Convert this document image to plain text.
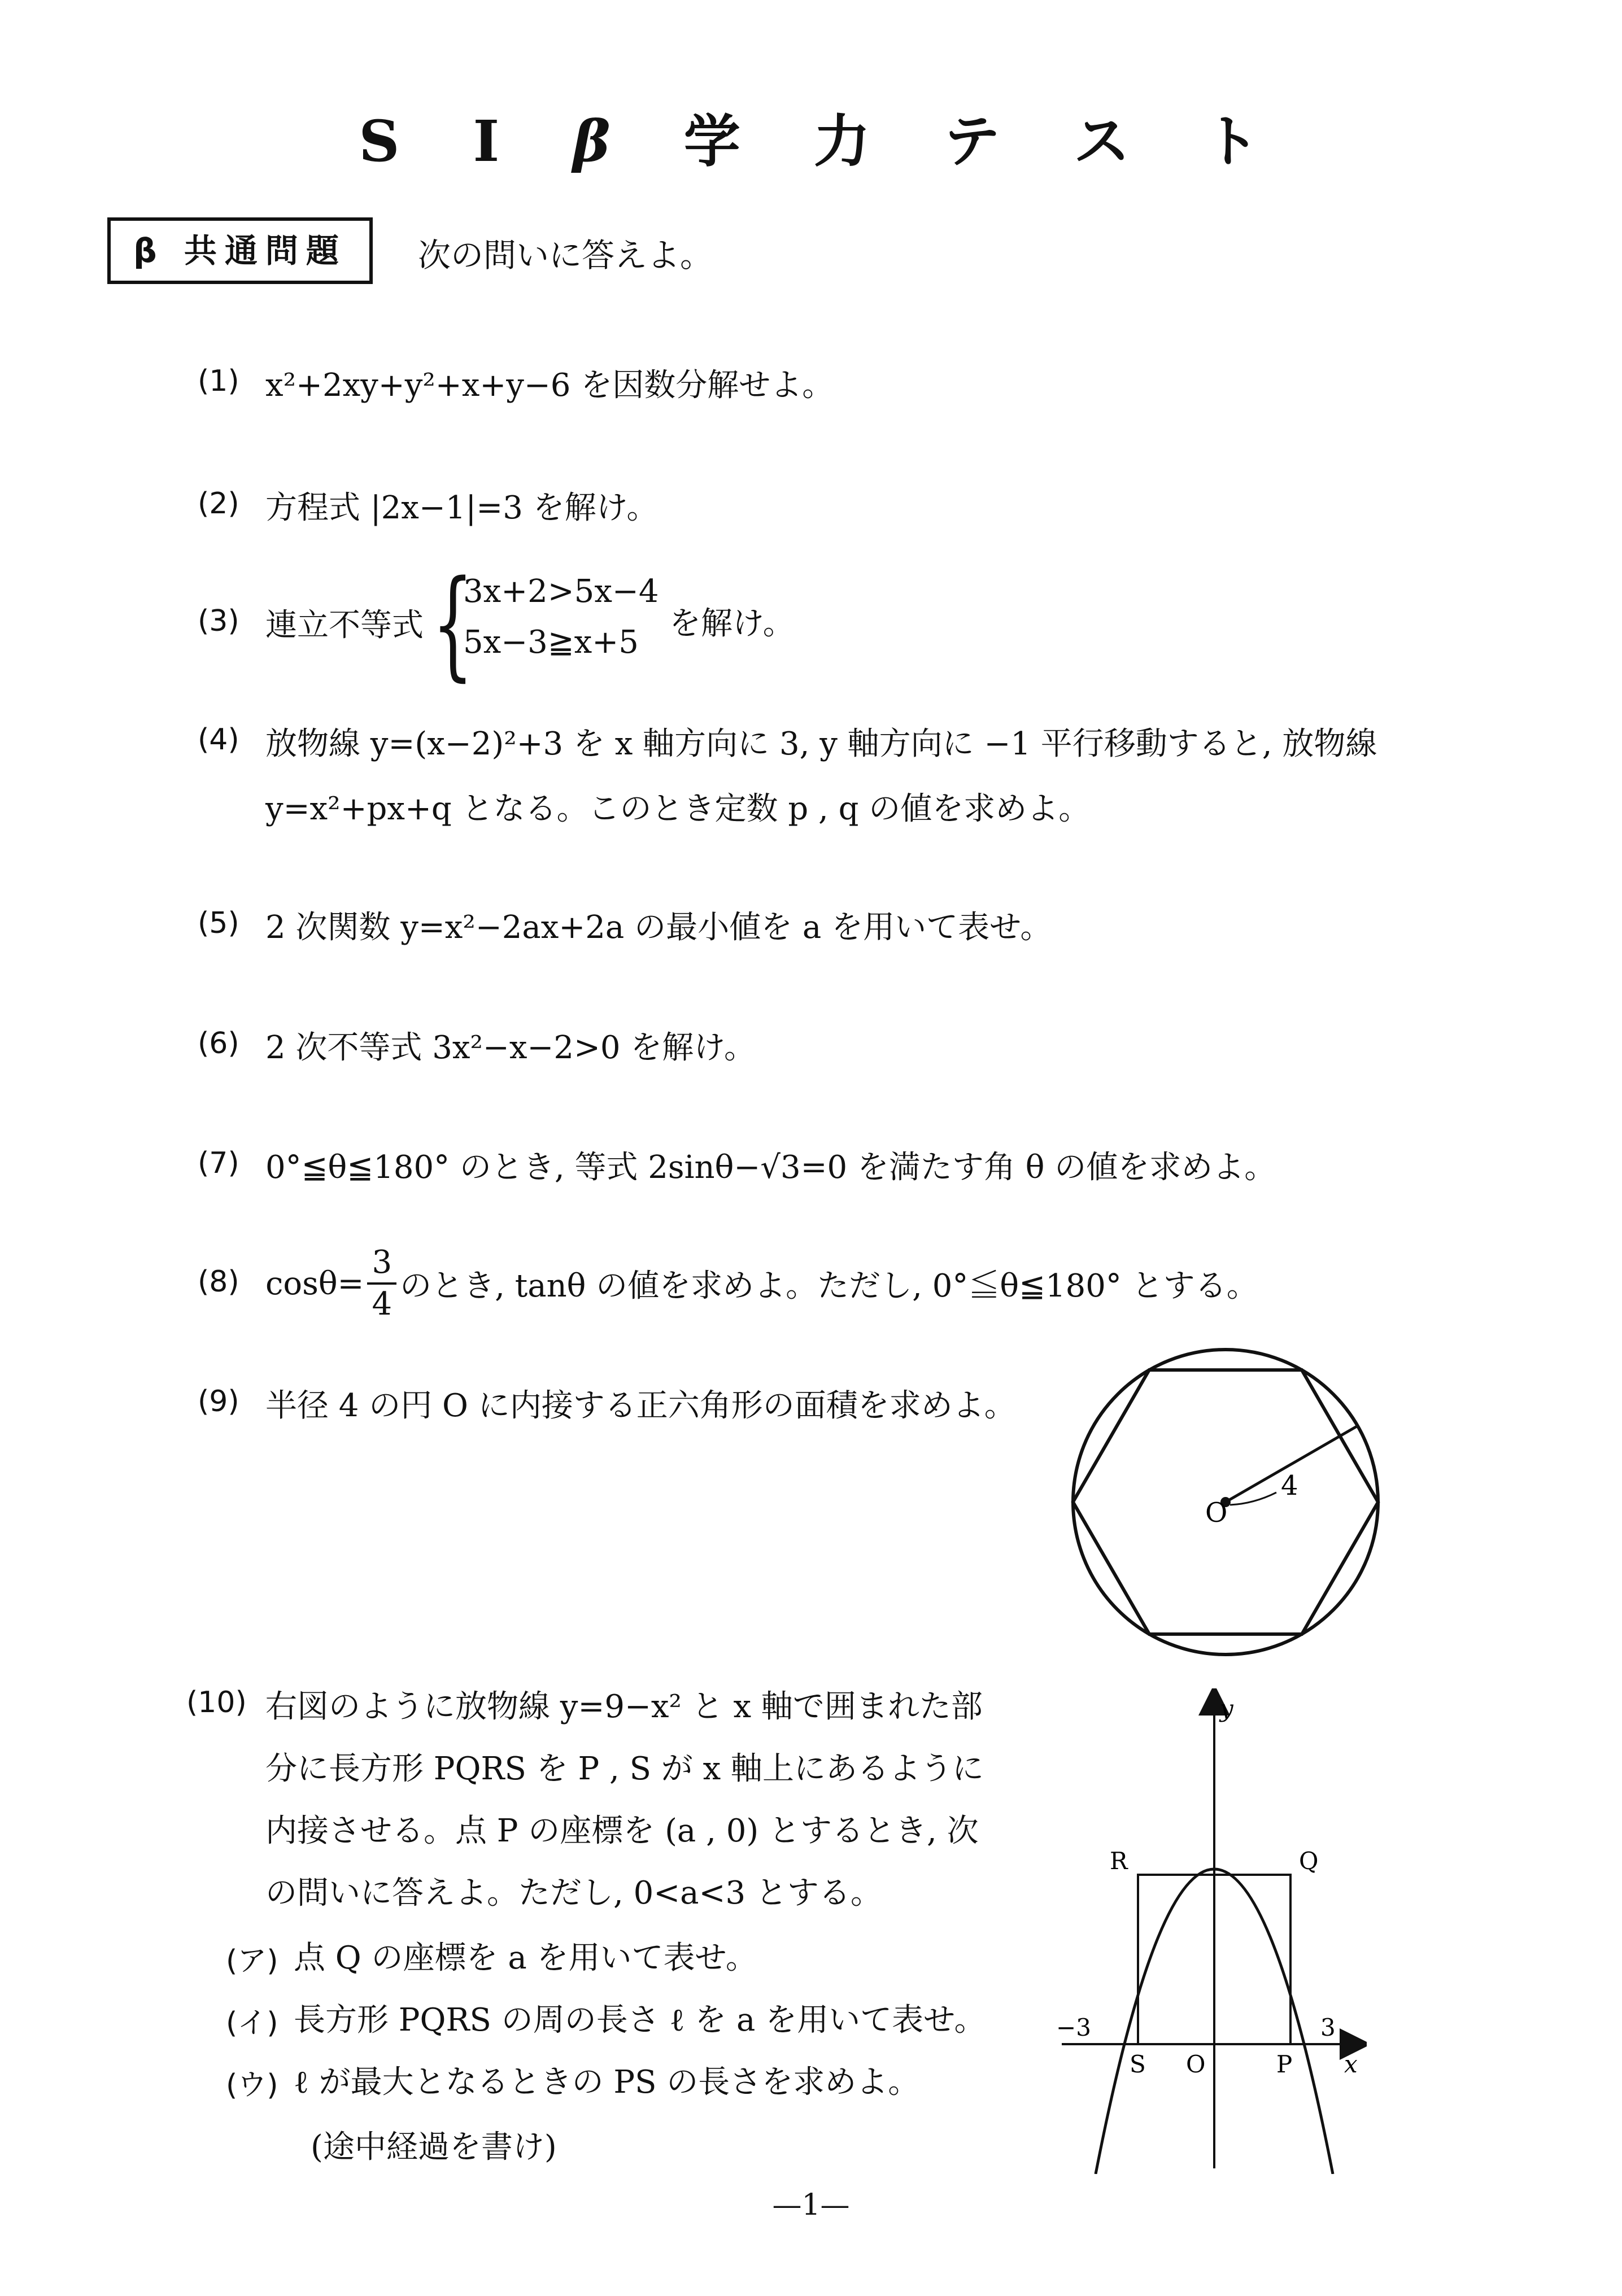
S I β 学 力 テ ス ト
β 共通問題	次の問いに答えよ。
(1) x²+2xy+y²+x+y−6 を因数分解せよ。
(2) 方程式 |2x−1|=3 を解け。
(3) 連立不等式 {
3x+2>5x−4
5x−3≧x+5
を解け。
(4) 放物線 y=(x−2)²+3 を x 軸方向に 3, y 軸方向に −1 平行移動すると, 放物線
y=x²+px+q となる。このとき定数 p , q の値を求めよ。
(5) 2 次関数 y=x²−2ax+2a の最小値を a を用いて表せ。
(6) 2 次不等式 3x²−x−2>0 を解け。
(7) 0°≦θ≦180° のとき, 等式 2sinθ−√3=0 を満たす角 θ の値を求めよ。
(8) $\cos\theta= \frac{3}{4}$ のとき, tanθ の値を求めよ。ただし, 0°≦θ≦180° とする。
(9) 半径 4 の円 O に内接する正六角形の面積を求めよ。
O
4
(10) 右図のように放物線 y=9−x² と x 軸で囲まれた部
分に長方形 PQRS を P , S が x 軸上にあるように
内接させる。点 P の座標を (a , 0) とするとき, 次
の問いに答えよ。ただし, 0<a<3 とする。
(ア) 点 Q の座標を a を用いて表せ。
(イ) 長方形 PQRS の周の長さ ℓ を a を用いて表せ。
(ウ) ℓ が最大となるときの PS の長さを求めよ。
(途中経過を書け)
y
x
R	Q
S O	P
−3	3
—1—
